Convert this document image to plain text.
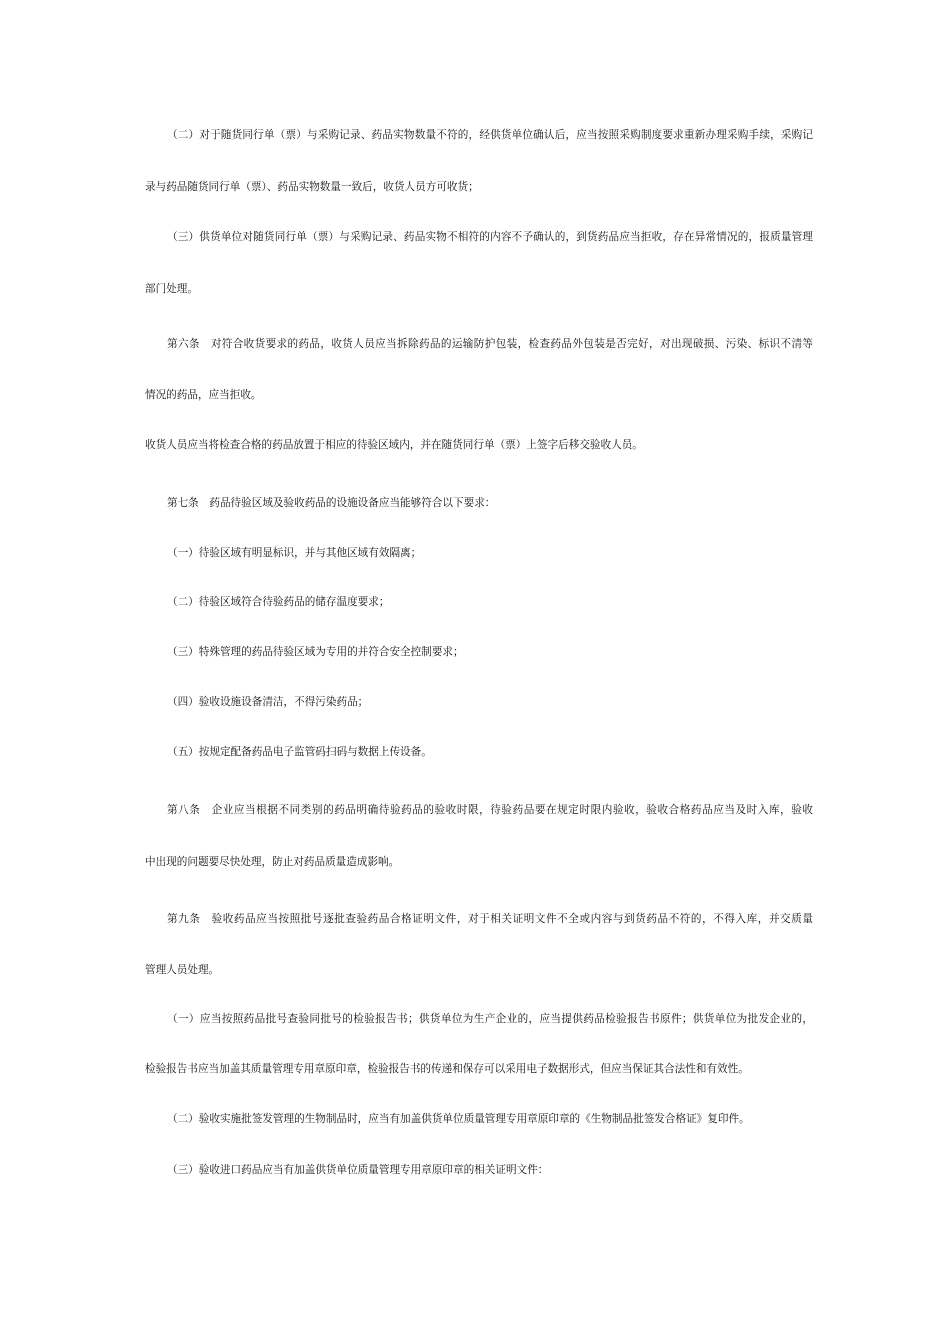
（二）对于随货同行单（票）与采购记录、药品实物数量不符的，经供货单位确认后，应当按照采购制度要求重新办理采购手续，采购记
录与药品随货同行单（票）、药品实物数量一致后，收货人员方可收货；
（三）供货单位对随货同行单（票）与采购记录、药品实物不相符的内容不予确认的，到货药品应当拒收，存在异常情况的，报质量管理
部门处理。
第六条　对符合收货要求的药品，收货人员应当拆除药品的运输防护包装，检查药品外包装是否完好，对出现破损、污染、标识不清等
情况的药品，应当拒收。
收货人员应当将检查合格的药品放置于相应的待验区域内，并在随货同行单（票）上签字后移交验收人员。
第七条　药品待验区域及验收药品的设施设备应当能够符合以下要求：
（一）待验区域有明显标识，并与其他区域有效隔离；
（二）待验区域符合待验药品的储存温度要求；
（三）特殊管理的药品待验区域为专用的并符合安全控制要求；
（四）验收设施设备清洁，不得污染药品；
（五）按规定配备药品电子监管码扫码与数据上传设备。
第八条　企业应当根据不同类别的药品明确待验药品的验收时限，待验药品要在规定时限内验收，验收合格药品应当及时入库，验收
中出现的问题要尽快处理，防止对药品质量造成影响。
第九条　验收药品应当按照批号逐批查验药品合格证明文件，对于相关证明文件不全或内容与到货药品不符的，不得入库，并交质量
管理人员处理。
（一）应当按照药品批号查验同批号的检验报告书；供货单位为生产企业的，应当提供药品检验报告书原件；供货单位为批发企业的，
检验报告书应当加盖其质量管理专用章原印章，检验报告书的传递和保存可以采用电子数据形式，但应当保证其合法性和有效性。
（二）验收实施批签发管理的生物制品时，应当有加盖供货单位质量管理专用章原印章的《生物制品批签发合格证》复印件。
（三）验收进口药品应当有加盖供货单位质量管理专用章原印章的相关证明文件：
